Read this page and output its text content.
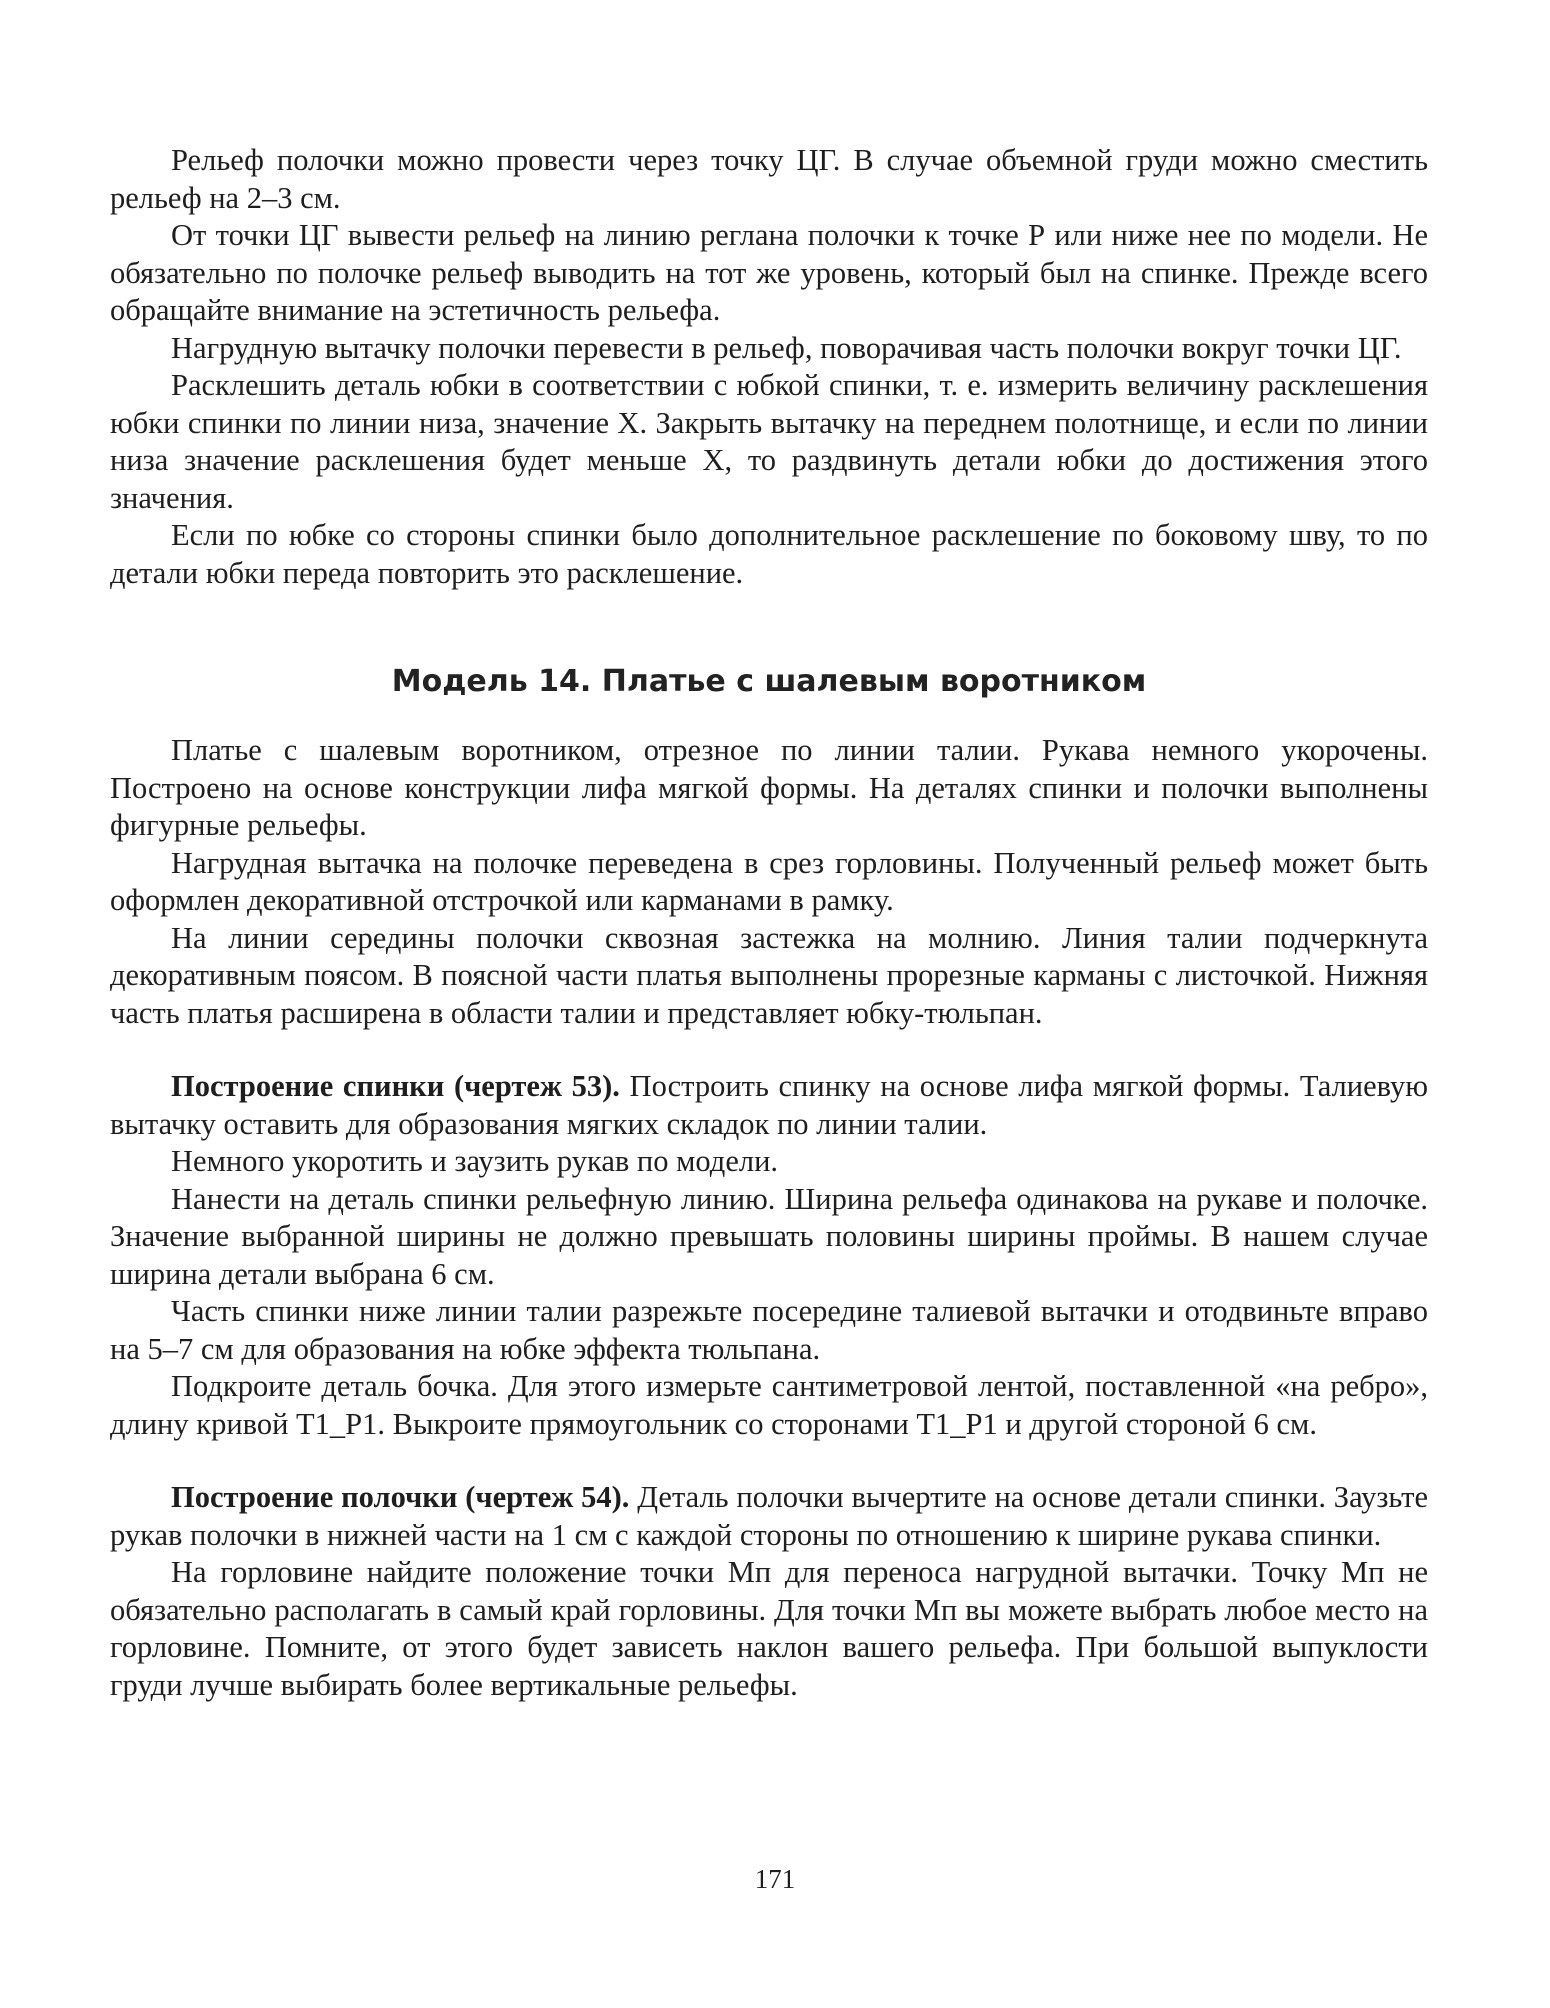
Рельеф полочки можно провести через точку ЦГ. В случае объемной груди можно сместить рельеф на 2–3 см.

От точки ЦГ вывести рельеф на линию реглана полочки к точке Р или ниже нее по модели. Не обязательно по полочке рельеф выводить на тот же уровень, который был на спинке. Прежде всего обращайте внимание на эстетичность рельефа.

Нагрудную вытачку полочки перевести в рельеф, поворачивая часть полочки вокруг точки ЦГ.

Расклешить деталь юбки в соответствии с юбкой спинки, т. е. измерить величину расклешения юбки спинки по линии низа, значение X. Закрыть вытачку на переднем полотнище, и если по линии низа значение расклешения будет меньше X, то раздвинуть детали юбки до достижения этого значения.

Если по юбке со стороны спинки было дополнительное расклешение по боковому шву, то по детали юбки переда повторить это расклешение.

Модель 14. Платье с шалевым воротником

Платье с шалевым воротником, отрезное по линии талии. Рукава немного укорочены. Построено на основе конструкции лифа мягкой формы. На деталях спинки и полочки выполнены фигурные рельефы.

Нагрудная вытачка на полочке переведена в срез горловины. Полученный рельеф может быть оформлен декоративной отстрочкой или карманами в рамку.

На линии середины полочки сквозная застежка на молнию. Линия талии подчеркнута декоративным поясом. В поясной части платья выполнены прорезные карманы с листочкой. Нижняя часть платья расширена в области талии и представляет юбку-тюльпан.

Построение спинки (чертеж 53). Построить спинку на основе лифа мягкой формы. Талиевую вытачку оставить для образования мягких складок по линии талии.

Немного укоротить и заузить рукав по модели.

Нанести на деталь спинки рельефную линию. Ширина рельефа одинакова на рукаве и полочке. Значение выбранной ширины не должно превышать половины ширины проймы. В нашем случае ширина детали выбрана 6 см.

Часть спинки ниже линии талии разрежьте посередине талиевой вытачки и отодвиньте вправо на 5–7 см для образования на юбке эффекта тюльпана.

Подкроите деталь бочка. Для этого измерьте сантиметровой лентой, поставленной «на ребро», длину кривой Т1_Р1. Выкроите прямоугольник со сторонами Т1_Р1 и другой стороной 6 см.

Построение полочки (чертеж 54). Деталь полочки вычертите на основе детали спинки. Заузьте рукав полочки в нижней части на 1 см с каждой стороны по отношению к ширине рукава спинки.

На горловине найдите положение точки Мп для переноса нагрудной вытачки. Точку Мп не обязательно располагать в самый край горловины. Для точки Мп вы можете выбрать любое место на горловине. Помните, от этого будет зависеть наклон вашего рельефа. При большой выпуклости груди лучше выбирать более вертикальные рельефы.

171
